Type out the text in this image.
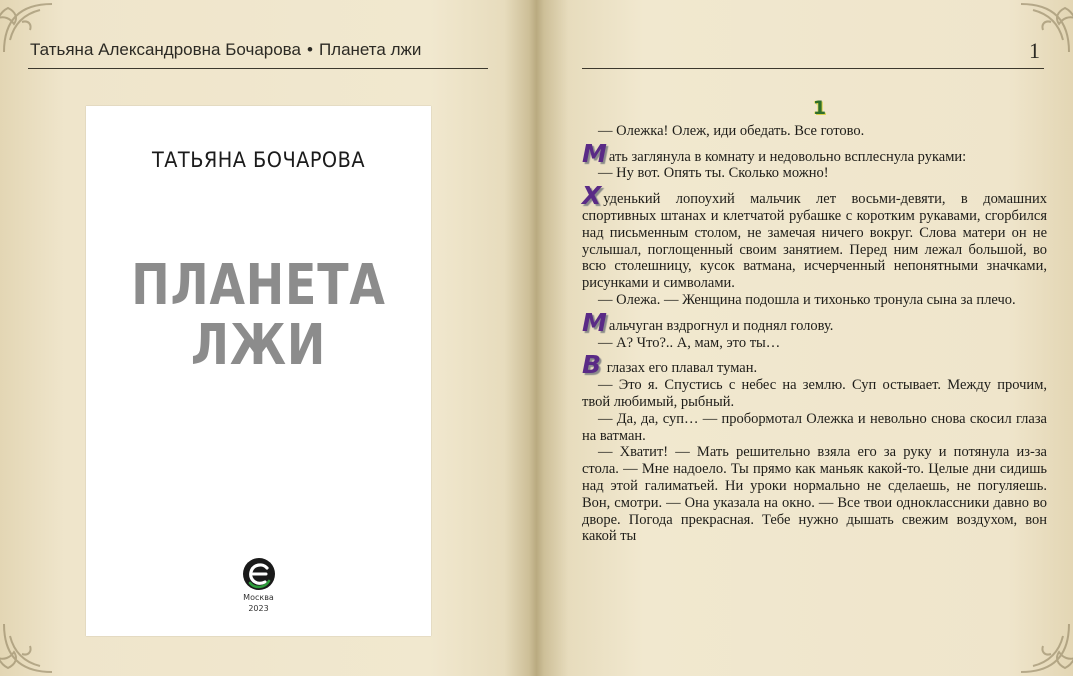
Татьяна Александровна Бочарова • Планета лжи	1
ТАТЬЯНА БОЧАРОВА
ПЛАНЕТА
ЛЖИ
Москва
2023
1

— Олежка! Олеж, иди обедать. Все готово.

Мать заглянула в комнату и недовольно всплеснула руками:

— Ну вот. Опять ты. Сколько можно!

Худенький лопоухий мальчик лет восьми-девяти, в домашних спортивных штанах и клетчатой рубашке с коротким рукавами, сгорбился над письменным столом, не замечая ничего вокруг. Слова матери он не услышал, поглощенный своим занятием. Перед ним лежал большой, во всю столешницу, кусок ватмана, исчерченный непонятными значками, рисунками и символами.

— Олежа. — Женщина подошла и тихонько тронула сына за плечо.

Мальчуган вздрогнул и поднял голову.

— А? Что?.. А, мам, это ты…

В глазах его плавал туман.

— Это я. Спустись с небес на землю. Суп остывает. Между прочим, твой любимый, рыбный.

— Да, да, суп… — пробормотал Олежка и невольно снова скосил глаза на ватман.

— Хватит! — Мать решительно взяла его за руку и потянула из-за стола. — Мне надоело. Ты прямо как маньяк какой-то. Целые дни сидишь над этой галиматьей. Ни уроки нормально не сделаешь, не погуляешь. Вон, смотри. — Она указала на окно. — Все твои одноклассники давно во дворе. Погода прекрасная. Тебе нужно дышать свежим воздухом, вон какой ты
